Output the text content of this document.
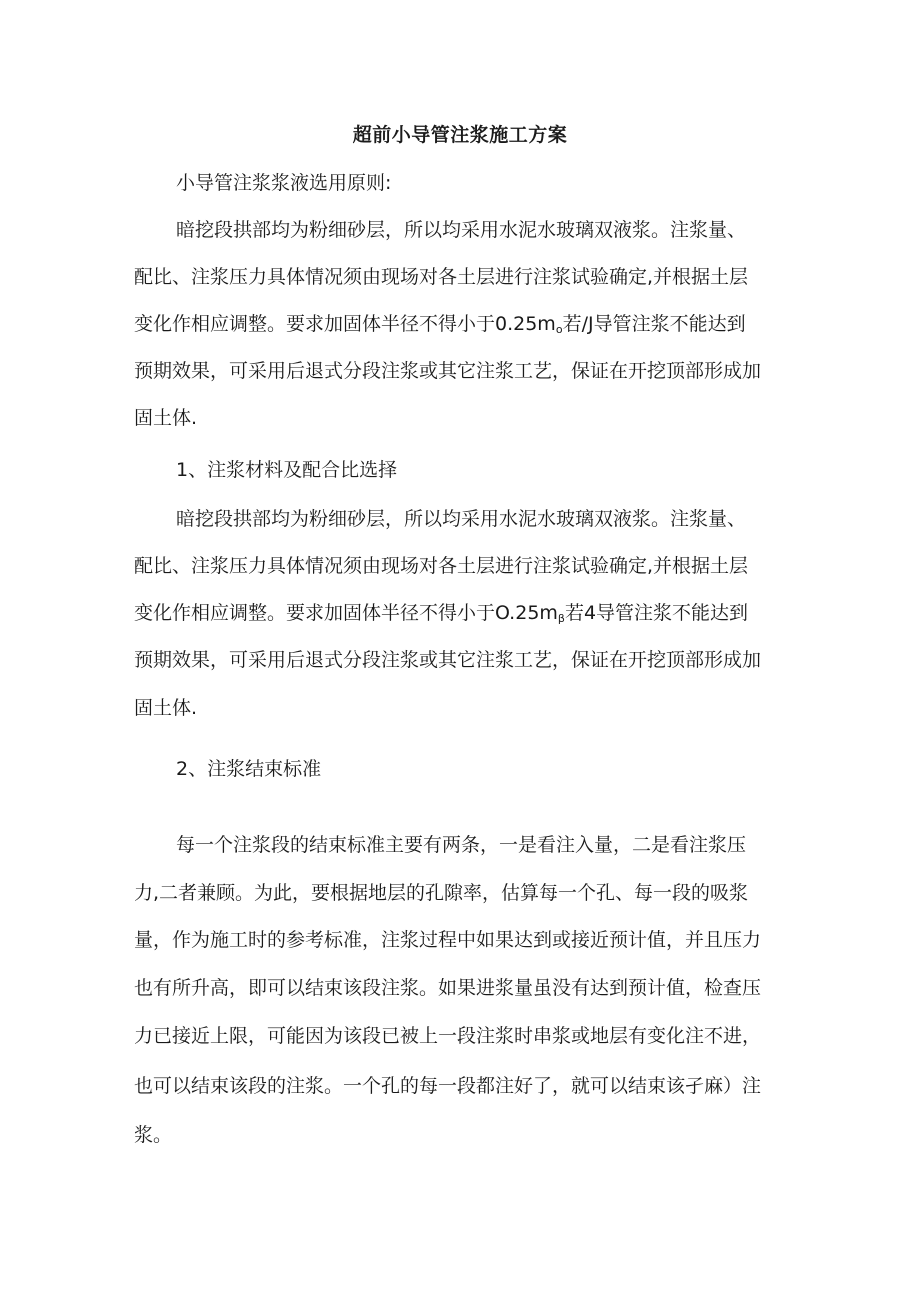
超前小导管注浆施工方案
小导管注浆浆液选用原则:
暗挖段拱部均为粉细砂层，所以均采用水泥水玻璃双液浆。注浆量、
配比、注浆压力具体情况须由现场对各土层进行注浆试验确定,并根据土层
变化作相应调整。要求加固体半径不得小于$0.25m_o$若/J导管注浆不能达到
预期效果，可采用后退式分段注浆或其它注浆工艺，保证在开挖顶部形成加
固土体.
1、注浆材料及配合比选择
暗挖段拱部均为粉细砂层，所以均采用水泥水玻璃双液浆。注浆量、
配比、注浆压力具体情况须由现场对各土层进行注浆试验确定,并根据土层
变化作相应调整。要求加固体半径不得小于$O.25m_\beta$若4导管注浆不能达到
预期效果，可采用后退式分段注浆或其它注浆工艺，保证在开挖顶部形成加
固土体.
2、注浆结束标准
每一个注浆段的结束标准主要有两条，一是看注入量，二是看注浆压
力,二者兼顾。为此，要根据地层的孔隙率，估算每一个孔、每一段的吸浆
量，作为施工时的参考标准，注浆过程中如果达到或接近预计值，并且压力
也有所升高，即可以结束该段注浆。如果进浆量虽没有达到预计值，检查压
力已接近上限，可能因为该段已被上一段注浆时串浆或地层有变化注不进，
也可以结束该段的注浆。一个孔的每一段都注好了，就可以结束该孑麻）注
浆。
